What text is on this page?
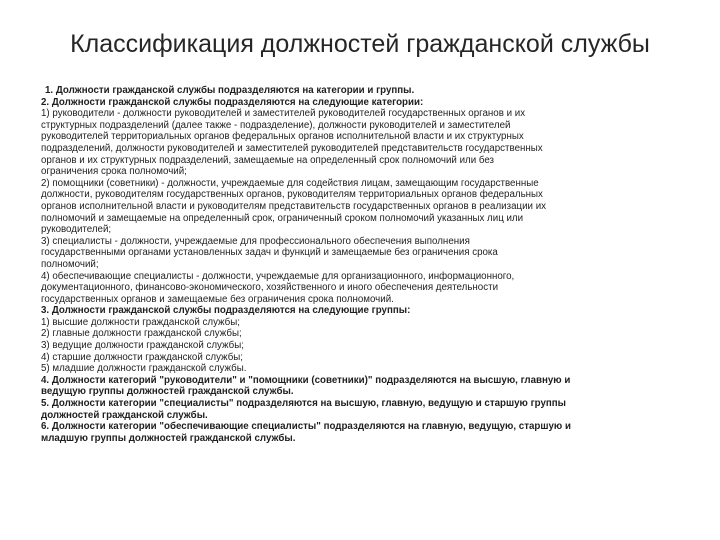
Классификация должностей гражданской службы

1. Должности гражданской службы подразделяются на категории и группы.

2. Должности гражданской службы подразделяются на следующие категории:

1) руководители - должности руководителей и заместителей руководителей государственных органов и их

структурных подразделений (далее также - подразделение), должности руководителей и заместителей

руководителей территориальных органов федеральных органов исполнительной власти и их структурных

подразделений, должности руководителей и заместителей руководителей представительств государственных

органов и их структурных подразделений, замещаемые на определенный срок полномочий или без

ограничения срока полномочий;

2) помощники (советники) - должности, учреждаемые для содействия лицам, замещающим государственные

должности, руководителям государственных органов, руководителям территориальных органов федеральных

органов исполнительной власти и руководителям представительств государственных органов в реализации их

полномочий и замещаемые на определенный срок, ограниченный сроком полномочий указанных лиц или

руководителей;

3) специалисты - должности, учреждаемые для профессионального обеспечения выполнения

государственными органами установленных задач и функций и замещаемые без ограничения срока

полномочий;

4) обеспечивающие специалисты - должности, учреждаемые для организационного, информационного,

документационного, финансово-экономического, хозяйственного и иного обеспечения деятельности

государственных органов и замещаемые без ограничения срока полномочий.

3. Должности гражданской службы подразделяются на следующие группы:

1) высшие должности гражданской службы;

2) главные должности гражданской службы;

3) ведущие должности гражданской службы;

4) старшие должности гражданской службы;

5) младшие должности гражданской службы.

4. Должности категорий "руководители" и "помощники (советники)" подразделяются на высшую, главную и

ведущую группы должностей гражданской службы.

5. Должности категории "специалисты" подразделяются на высшую, главную, ведущую и старшую группы

должностей гражданской службы.

6. Должности категории "обеспечивающие специалисты" подразделяются на главную, ведущую, старшую и

младшую группы должностей гражданской службы.
